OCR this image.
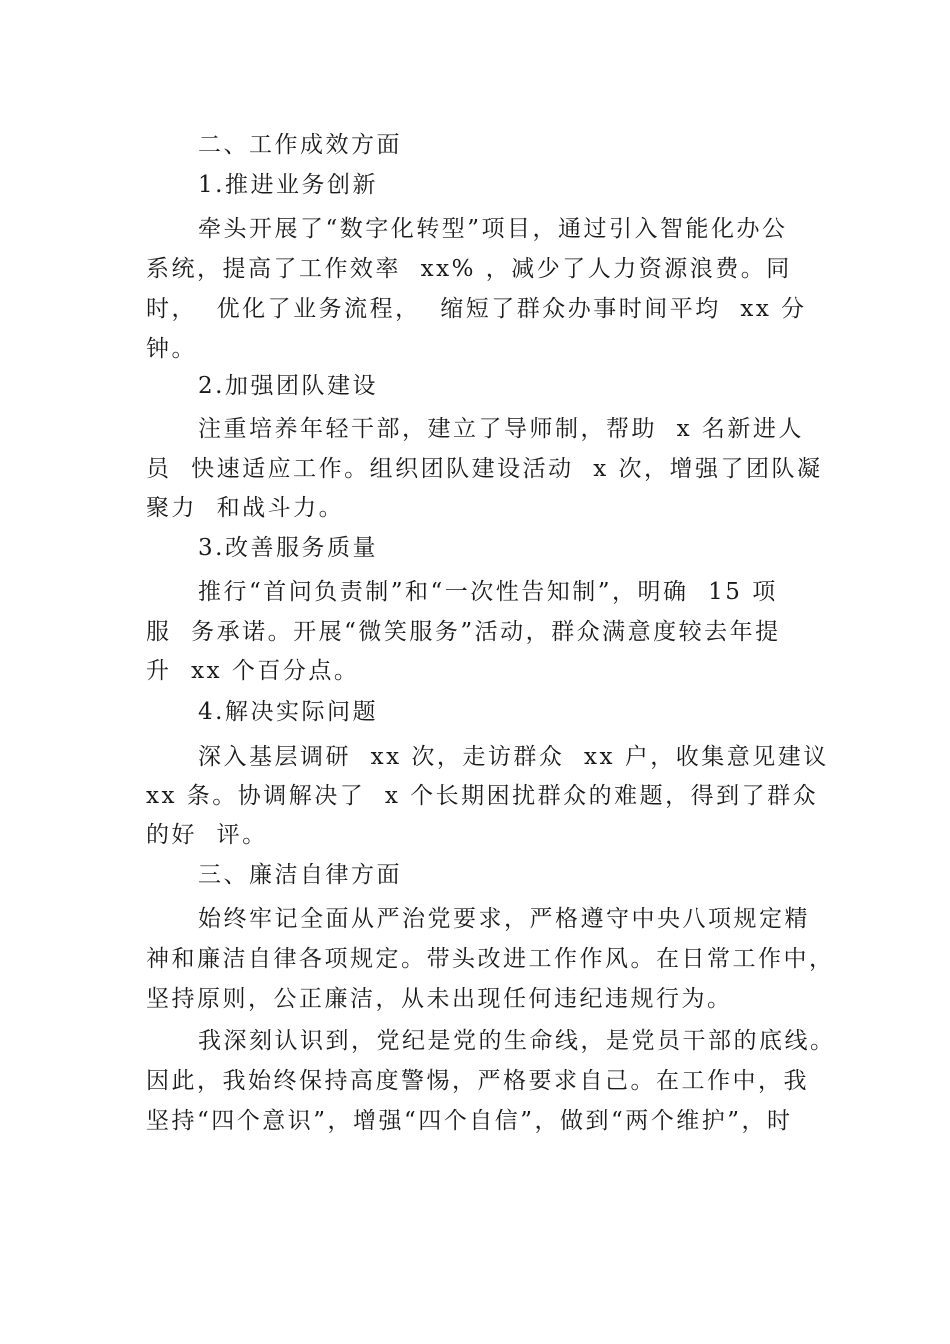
二、工作成效方面
1.推进业务创新
牵头开展了“数字化转型”项目，通过引入智能化办公
系统，提高了工作效率  xx% ，减少了人力资源浪费。同
时，  优化了业务流程，  缩短了群众办事时间平均  xx 分
钟。
2.加强团队建设
注重培养年轻干部，建立了导师制，帮助  x 名新进人
员  快速适应工作。组织团队建设活动  x 次，增强了团队凝
聚力  和战斗力。
3.改善服务质量
推行“首问负责制”和“一次性告知制”，明确  15 项
服  务承诺。开展“微笑服务”活动，群众满意度较去年提
升  xx 个百分点。
4.解决实际问题
深入基层调研  xx 次，走访群众  xx 户，收集意见建议
xx 条。协调解决了  x 个长期困扰群众的难题，得到了群众
的好  评。
三、廉洁自律方面
始终牢记全面从严治党要求，严格遵守中央八项规定精
神和廉洁自律各项规定。带头改进工作作风。在日常工作中，
坚持原则，公正廉洁，从未出现任何违纪违规行为。
我深刻认识到，党纪是党的生命线，是党员干部的底线。
因此，我始终保持高度警惕，严格要求自己。在工作中，我
坚持“四个意识”，增强“四个自信”，做到“两个维护”，时
